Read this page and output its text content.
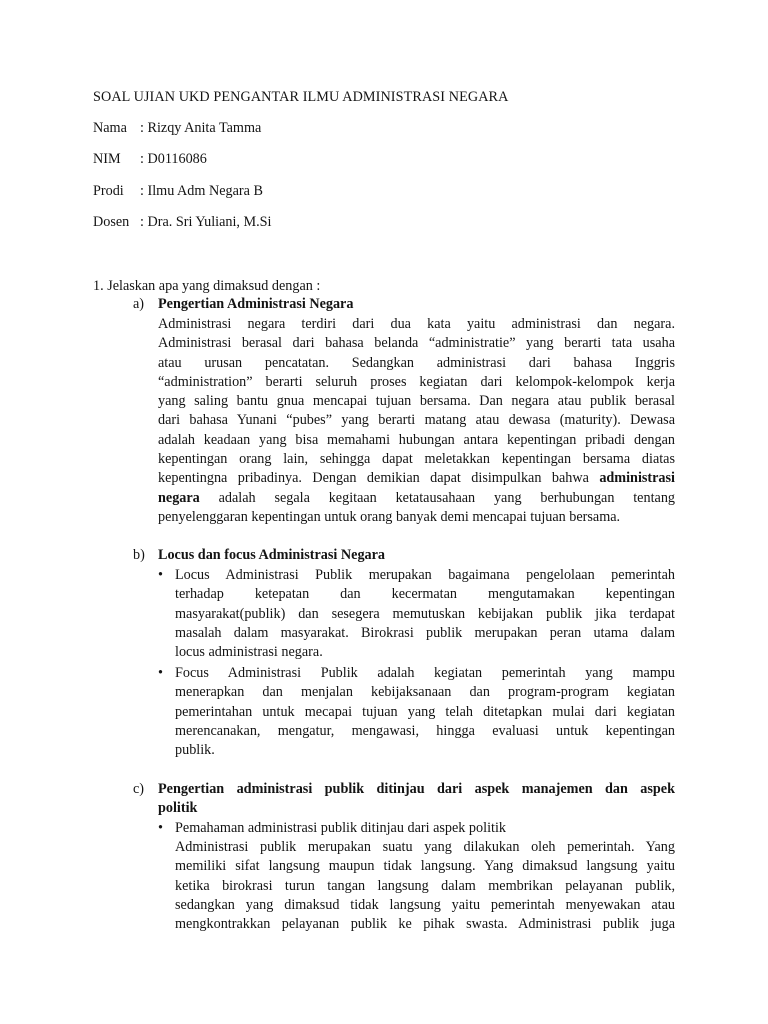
SOAL UJIAN UKD PENGANTAR ILMU ADMINISTRASI NEGARA
Nama : Rizqy Anita Tamma
NIM : D0116086
Prodi : Ilmu Adm Negara B
Dosen : Dra. Sri Yuliani, M.Si
1. Jelaskan apa yang dimaksud dengan :
a) Pengertian Administrasi Negara
Administrasi negara terdiri dari dua kata yaitu administrasi dan negara.
Administrasi berasal dari bahasa belanda “administratie” yang berarti tata usaha
atau urusan pencatatan. Sedangkan administrasi dari bahasa Inggris
“administration” berarti seluruh proses kegiatan dari kelompok-kelompok kerja
yang saling bantu gnua mencapai tujuan bersama. Dan negara atau publik berasal
dari bahasa Yunani “pubes” yang berarti matang atau dewasa (maturity). Dewasa
adalah keadaan yang bisa memahami hubungan antara kepentingan pribadi dengan
kepentingan orang lain, sehingga dapat meletakkan kepentingan bersama diatas
kepentingna pribadinya. Dengan demikian dapat disimpulkan bahwa administrasi
negara adalah segala kegitaan ketatausahaan yang berhubungan tentang
penyelenggaran kepentingan untuk orang banyak demi mencapai tujuan bersama.
b) Locus dan focus Administrasi Negara
• Locus Administrasi Publik merupakan bagaimana pengelolaan pemerintah
terhadap ketepatan dan kecermatan mengutamakan kepentingan
masyarakat(publik) dan sesegera memutuskan kebijakan publik jika terdapat
masalah dalam masyarakat. Birokrasi publik merupakan peran utama dalam
locus administrasi negara.
• Focus Administrasi Publik adalah kegiatan pemerintah yang mampu
menerapkan dan menjalan kebijaksanaan dan program-program kegiatan
pemerintahan untuk mecapai tujuan yang telah ditetapkan mulai dari kegiatan
merencanakan, mengatur, mengawasi, hingga evaluasi untuk kepentingan
publik.
c) Pengertian administrasi publik ditinjau dari aspek manajemen dan aspek
politik
• Pemahaman administrasi publik ditinjau dari aspek politik
Administrasi publik merupakan suatu yang dilakukan oleh pemerintah. Yang
memiliki sifat langsung maupun tidak langsung. Yang dimaksud langsung yaitu
ketika birokrasi turun tangan langsung dalam membrikan pelayanan publik,
sedangkan yang dimaksud tidak langsung yaitu pemerintah menyewakan atau
mengkontrakkan pelayanan publik ke pihak swasta. Administrasi publik juga
